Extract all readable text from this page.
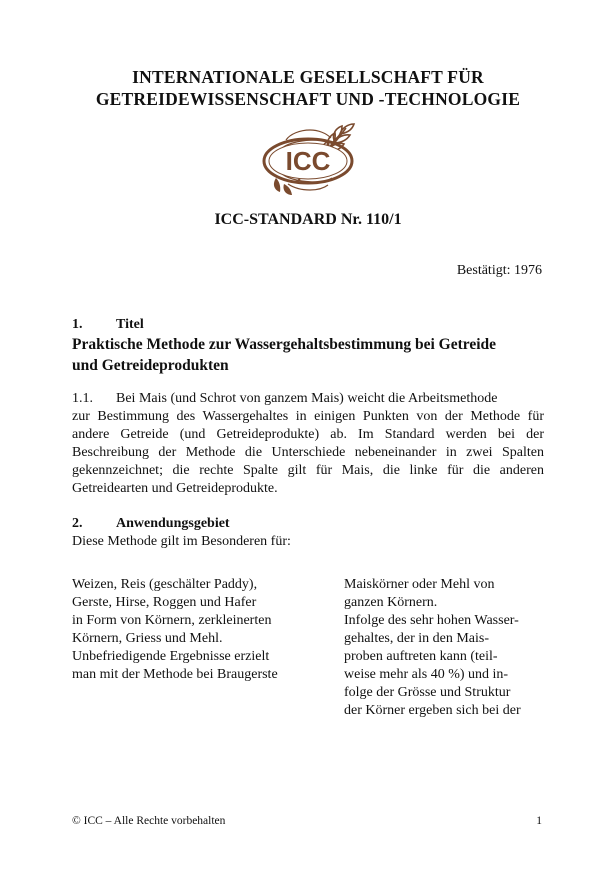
INTERNATIONALE GESELLSCHAFT FÜR
GETREIDEWISSENSCHAFT UND -TECHNOLOGIE
ICC
ICC-STANDARD Nr. 110/1
Bestätigt: 1976
1. Titel
Praktische Methode zur Wassergehaltsbestimmung bei Getreide
und Getreideprodukten
1.1. Bei Mais (und Schrot von ganzem Mais) weicht die Arbeitsmethode
zur Bestimmung des Wassergehaltes in einigen Punkten von der Methode für
andere Getreide (und Getreideprodukte) ab. Im Standard werden bei der
Beschreibung der Methode die Unterschiede nebeneinander in zwei Spalten
gekennzeichnet; die rechte Spalte gilt für Mais, die linke für die anderen
Getreidearten und Getreideprodukte.
2. Anwendungsgebiet
Diese Methode gilt im Besonderen für:

Weizen, Reis (geschälter Paddy),

Gerste, Hirse, Roggen und Hafer

in Form von Körnern, zerkleinerten

Körnern, Griess und Mehl.

Unbefriedigende Ergebnisse erzielt

man mit der Methode bei Braugerste

Maiskörner oder Mehl von

ganzen Körnern.

Infolge des sehr hohen Wasser-

gehaltes, der in den Mais-

proben auftreten kann (teil-

weise mehr als 40 %) und in-

folge der Grösse und Struktur

der Körner ergeben sich bei der

© ICC – Alle Rechte vorbehalten	1
